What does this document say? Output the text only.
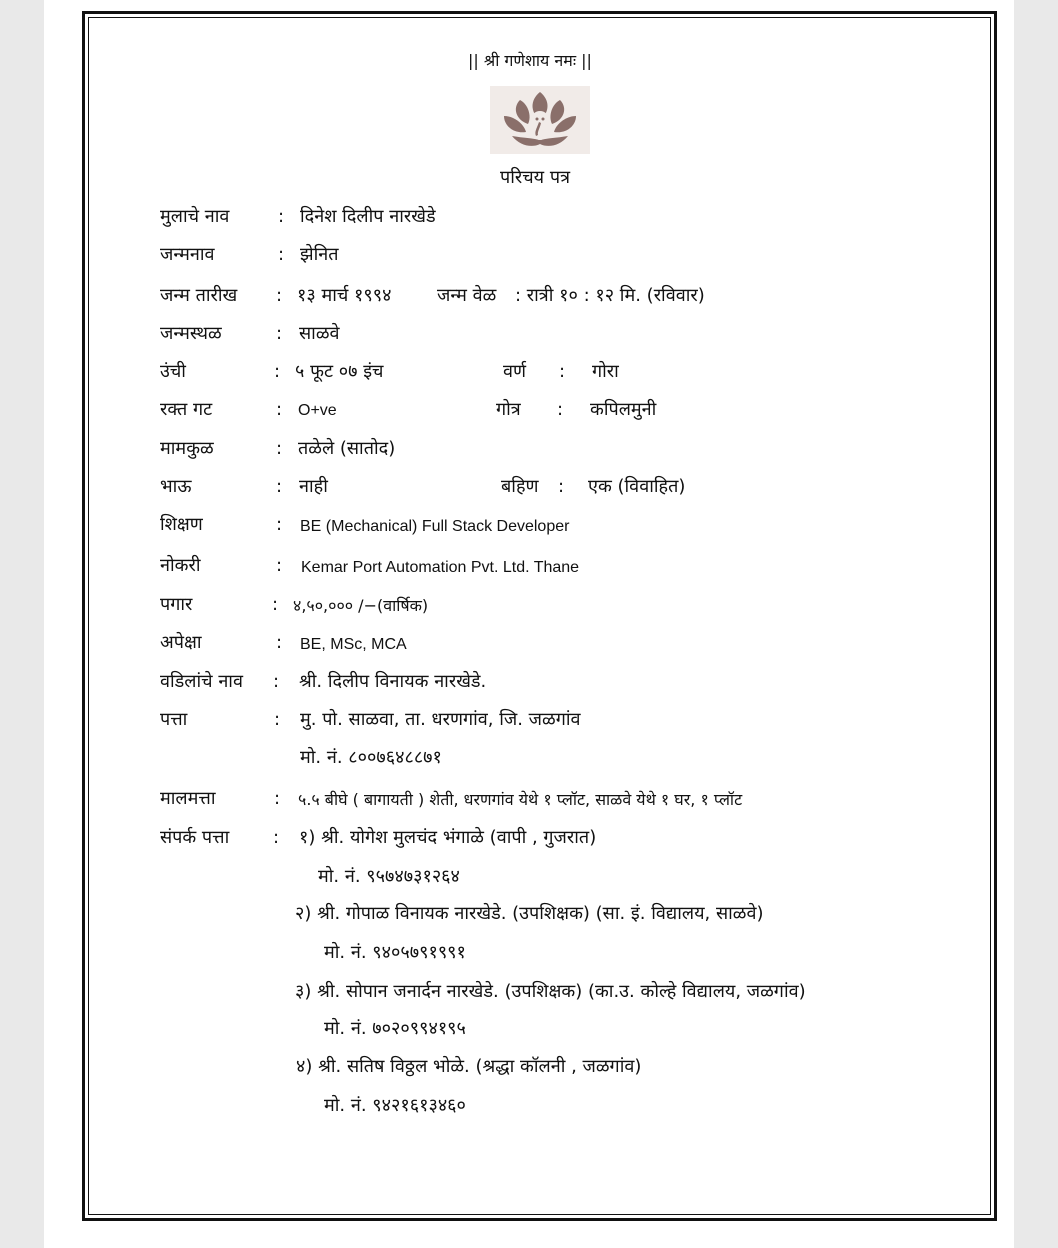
|| श्री गणेशाय नमः ||
परिचय पत्र
मुलाचे नाव	: दिनेश दिलीप नारखेडे
जन्मनाव	: झेनित
जन्म तारीख : १३ मार्च १९९४	जन्म वेळ : रात्री १० : १२ मि. (रविवार)
जन्मस्थळ	: साळवे
उंची	: ५ फूट ०७ इंच	वर्ण : गोरा
रक्त गट	: O+ve	गोत्र : कपिलमुनी
मामकुळ	: तळेले (सातोद)
भाऊ	: नाही	बहिण : एक (विवाहित)
शिक्षण	: BE (Mechanical) Full Stack Developer
नोकरी	: Kemar Port Automation Pvt. Ltd. Thane
पगार	: ४,५०,००० /−(वार्षिक)
अपेक्षा	: BE, MSc, MCA
वडिलांचे नाव : श्री. दिलीप विनायक नारखेडे.
पत्ता	: मु. पो. साळवा, ता. धरणगांव, जि. जळगांव
मो. नं. ८००७६४८८७१
मालमत्ता	: ५.५ बीघे ( बागायती ) शेती, धरणगांव येथे १ प्लॉट, साळवे येथे १ घर, १ प्लॉट
संपर्क पत्ता : १) श्री. योगेश मुलचंद भंगाळे (वापी , गुजरात)
मो. नं. ९५७४७३१२६४
२) श्री. गोपाळ विनायक नारखेडे. (उपशिक्षक) (सा. इं. विद्यालय, साळवे)
मो. नं. ९४०५७९१९९१
३) श्री. सोपान जनार्दन नारखेडे. (उपशिक्षक) (का.उ. कोल्हे विद्यालय, जळगांव)
मो. नं. ७०२०९९४१९५
४) श्री. सतिष विठ्ठल भोळे. (श्रद्धा कॉलनी , जळगांव)
मो. नं. ९४२१६१३४६०
